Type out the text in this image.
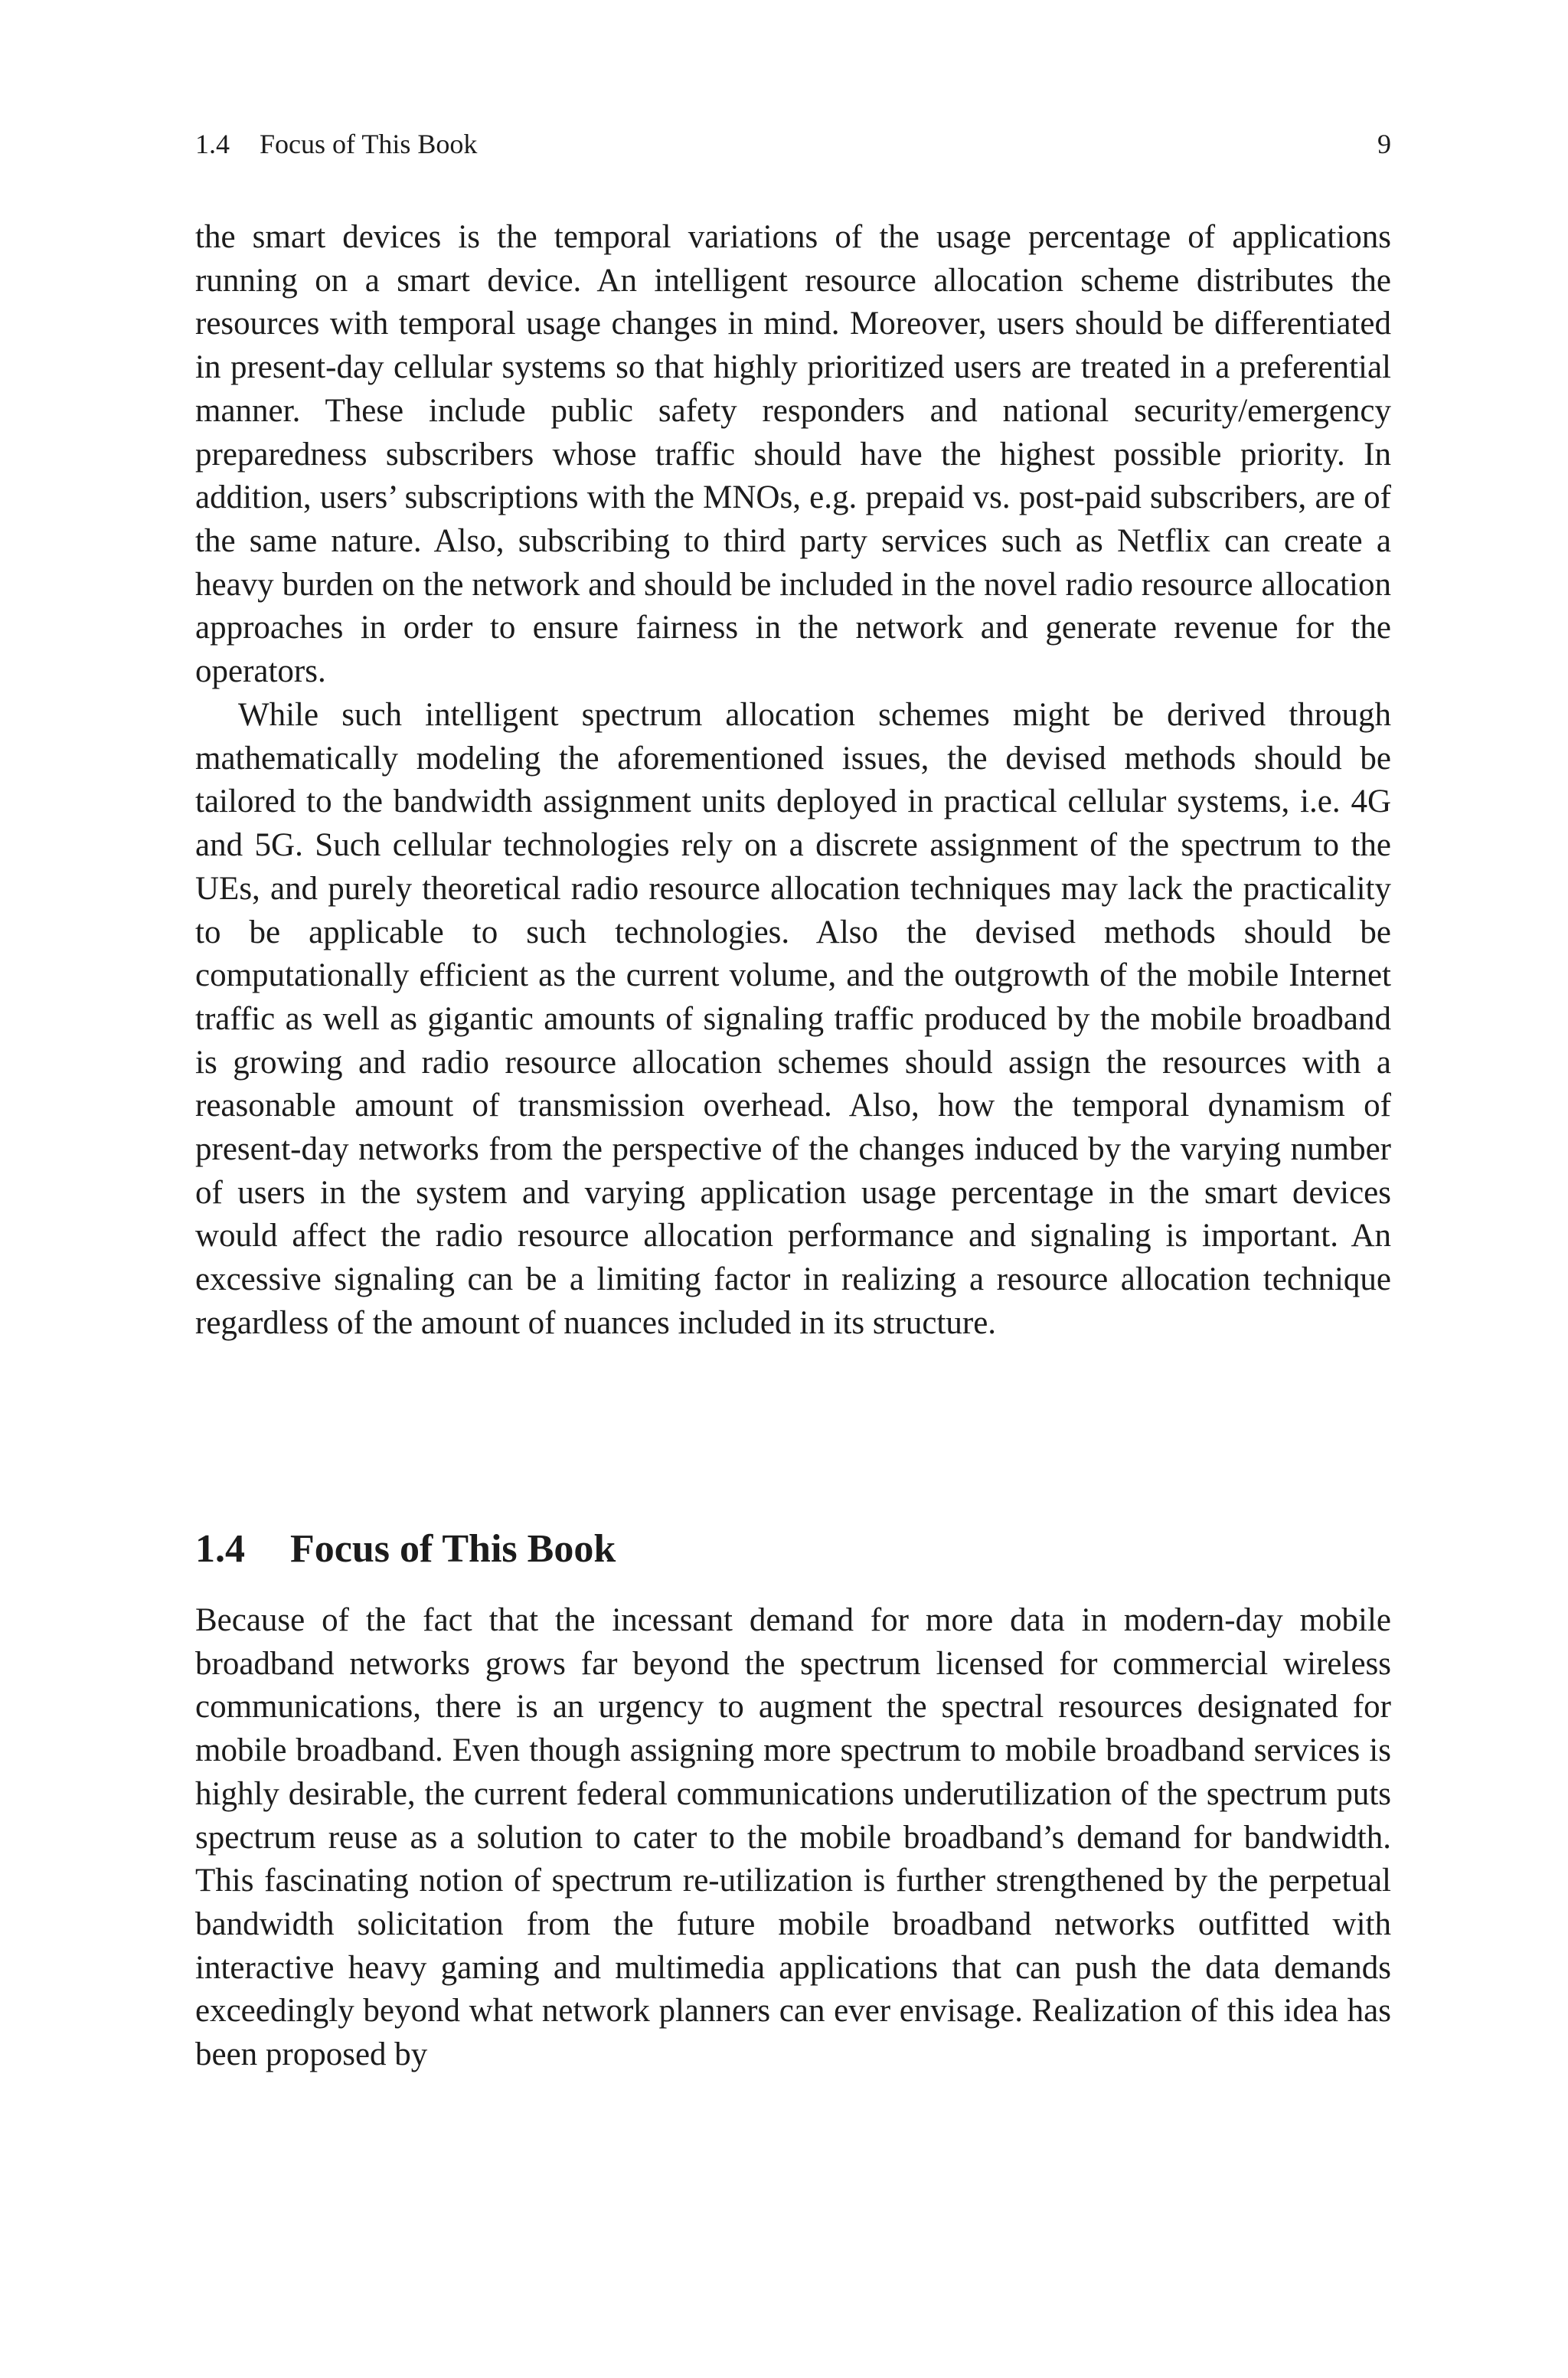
1.4 Focus of This Book	9

the smart devices is the temporal variations of the usage percentage of applications running on a smart device. An intelligent resource allocation scheme distributes the resources with temporal usage changes in mind. Moreover, users should be differentiated in present-day cellular systems so that highly prioritized users are treated in a preferential manner. These include public safety responders and national security/emergency preparedness subscribers whose traffic should have the highest possible priority. In addition, users’ subscriptions with the MNOs, e.g. prepaid vs. post-paid subscribers, are of the same nature. Also, subscribing to third party services such as Netflix can create a heavy burden on the network and should be included in the novel radio resource allocation approaches in order to ensure fairness in the network and generate revenue for the operators.

While such intelligent spectrum allocation schemes might be derived through mathematically modeling the aforementioned issues, the devised methods should be tailored to the bandwidth assignment units deployed in practical cellular systems, i.e. 4G and 5G. Such cellular technologies rely on a discrete assignment of the spectrum to the UEs, and purely theoretical radio resource allocation techniques may lack the practicality to be applicable to such technologies. Also the devised methods should be computationally efficient as the current volume, and the outgrowth of the mobile Internet traffic as well as gigantic amounts of signaling traffic produced by the mobile broadband is growing and radio resource allocation schemes should assign the resources with a reasonable amount of transmission overhead. Also, how the temporal dynamism of present-day networks from the perspective of the changes induced by the varying number of users in the system and varying application usage percentage in the smart devices would affect the radio resource allocation performance and signaling is important. An excessive signaling can be a limiting factor in realizing a resource allocation technique regardless of the amount of nuances included in its structure.

1.4 Focus of This Book

Because of the fact that the incessant demand for more data in modern-day mobile broadband networks grows far beyond the spectrum licensed for commercial wireless communications, there is an urgency to augment the spectral resources designated for mobile broadband. Even though assigning more spectrum to mobile broadband services is highly desirable, the current federal communications underutilization of the spectrum puts spectrum reuse as a solution to cater to the mobile broadband’s demand for bandwidth. This fascinating notion of spectrum re-utilization is further strengthened by the perpetual bandwidth solicitation from the future mobile broadband networks outfitted with interactive heavy gaming and multimedia applications that can push the data demands exceedingly beyond what network planners can ever envisage. Realization of this idea has been proposed by
